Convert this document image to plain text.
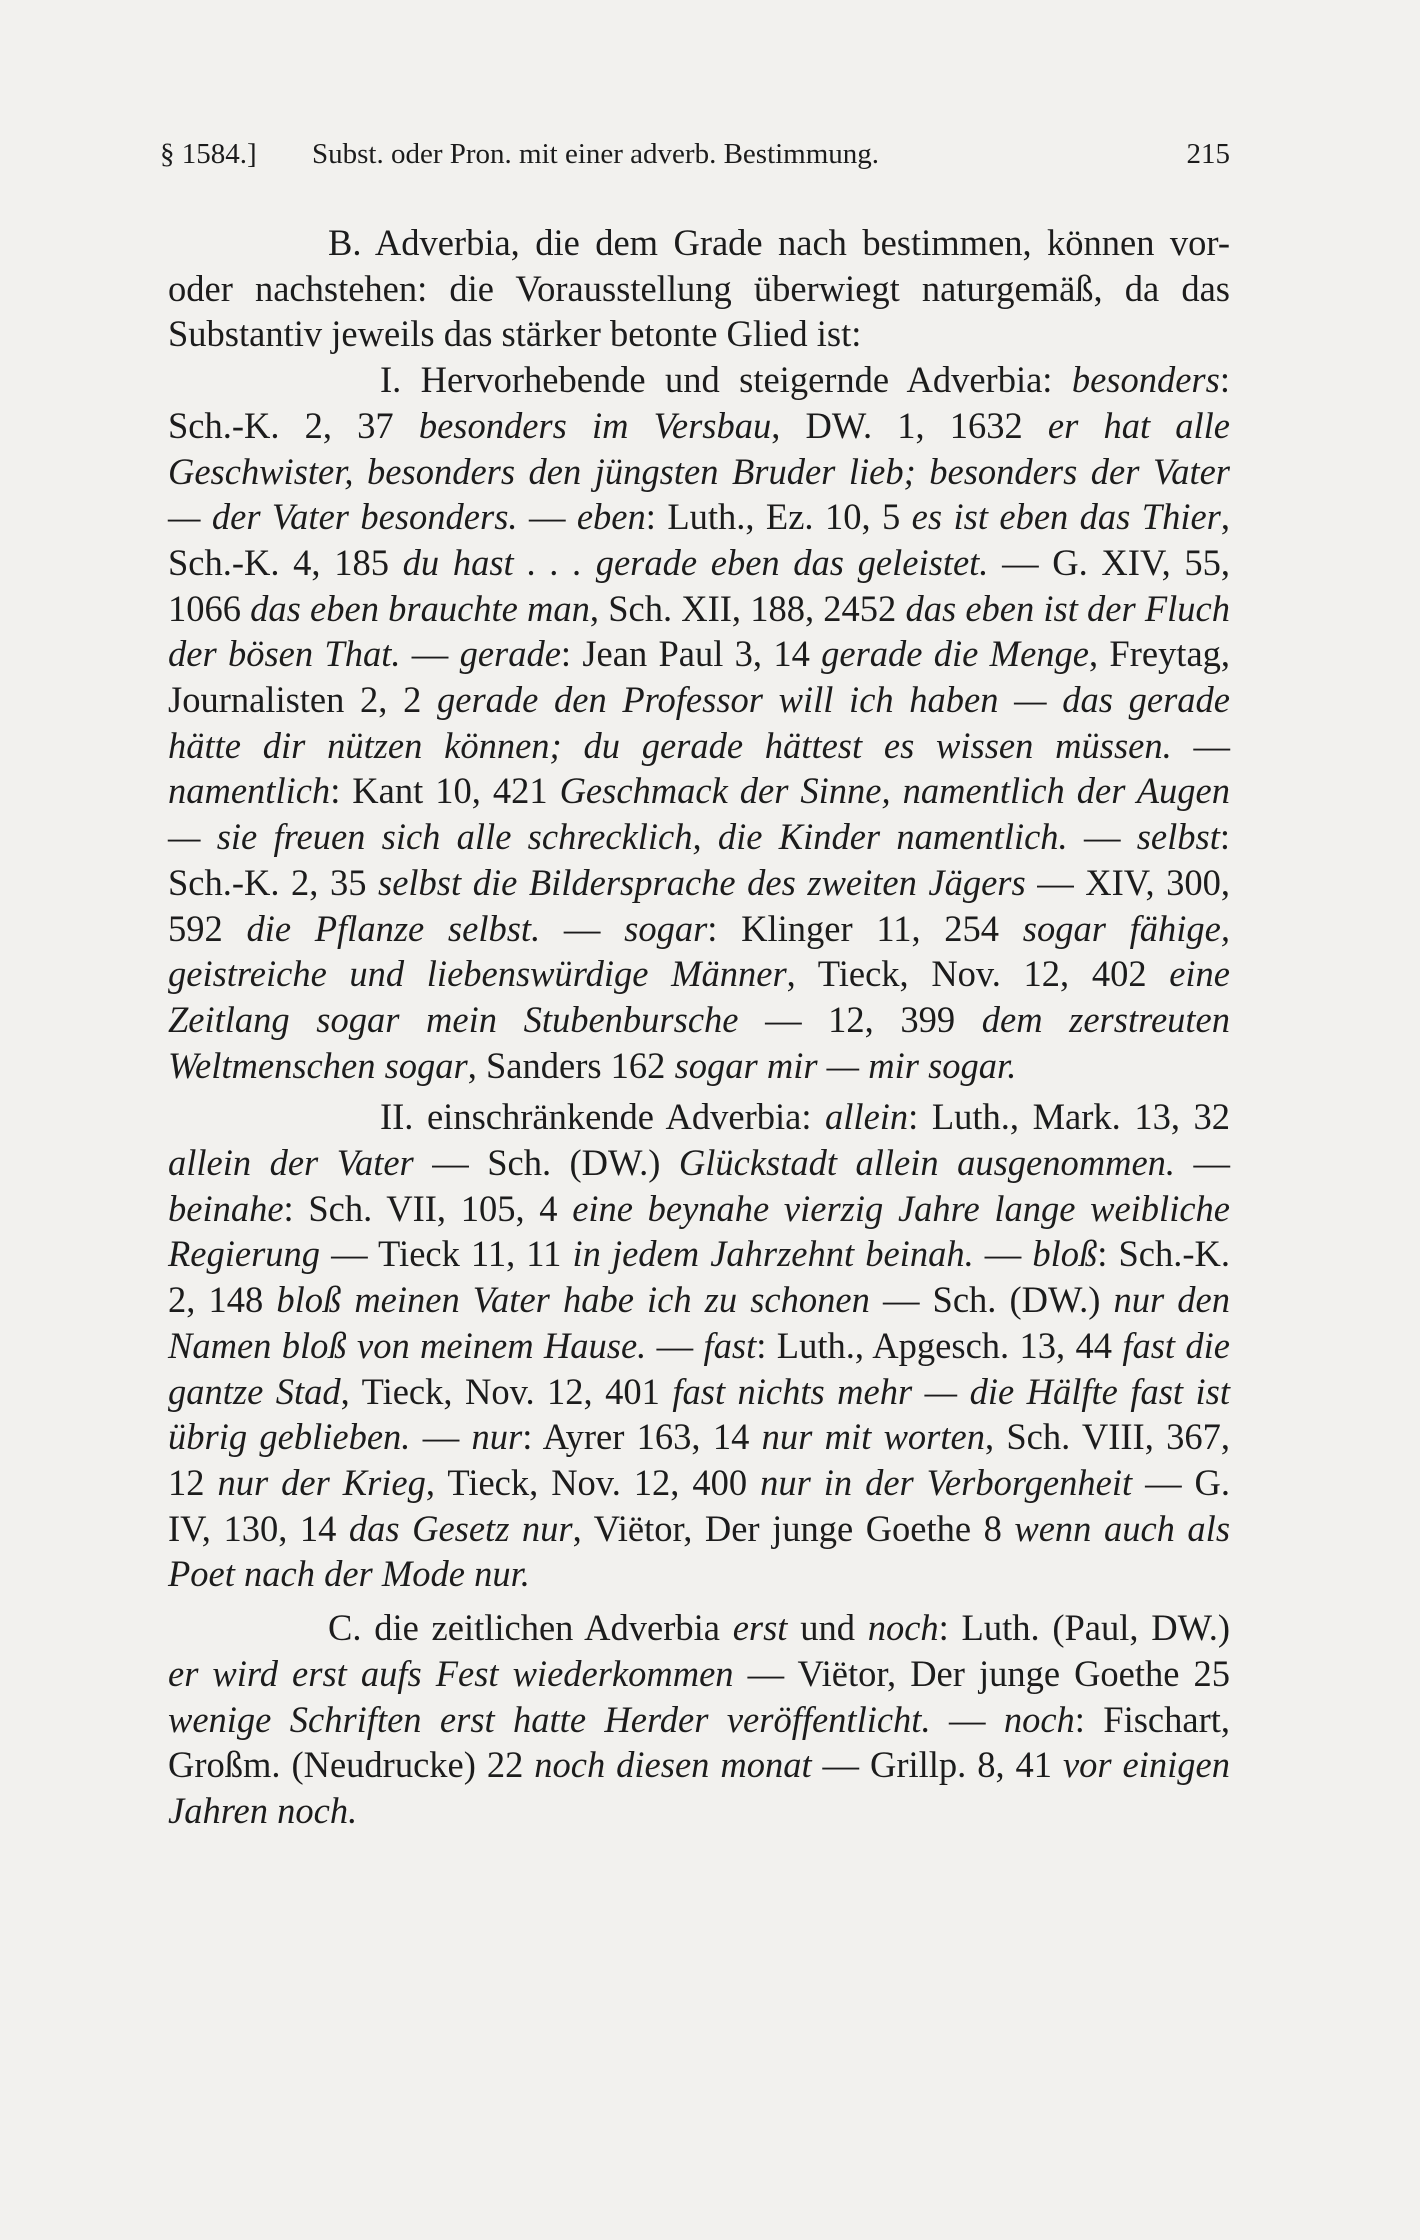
§ 1584.]	Subst. oder Pron. mit einer adverb. Bestimmung.	215

B. Adverbia, die dem Grade nach bestimmen, können vor- oder nachstehen: die Vorausstellung überwiegt naturgemäß, da das Substantiv jeweils das stärker betonte Glied ist:

I. Hervorhebende und steigernde Adverbia: besonders: Sch.-K. 2, 37 besonders im Versbau, DW. 1, 1632 er hat alle Geschwister, besonders den jüngsten Bruder lieb; besonders der Vater — der Vater besonders. — eben: Luth., Ez. 10, 5 es ist eben das Thier, Sch.-K. 4, 185 du hast . . . gerade eben das geleistet. — G. XIV, 55, 1066 das eben brauchte man, Sch. XII, 188, 2452 das eben ist der Fluch der bösen That. — gerade: Jean Paul 3, 14 gerade die Menge, Freytag, Journalisten 2, 2 gerade den Professor will ich haben — das gerade hätte dir nützen können; du gerade hättest es wissen müssen. — namentlich: Kant 10, 421 Geschmack der Sinne, namentlich der Augen — sie freuen sich alle schrecklich, die Kinder namentlich. — selbst: Sch.-K. 2, 35 selbst die Bildersprache des zweiten Jägers — XIV, 300, 592 die Pflanze selbst. — sogar: Klinger 11, 254 sogar fähige, geistreiche und liebenswürdige Männer, Tieck, Nov. 12, 402 eine Zeitlang sogar mein Stubenbursche — 12, 399 dem zerstreuten Weltmenschen sogar, Sanders 162 sogar mir — mir sogar.

II. einschränkende Adverbia: allein: Luth., Mark. 13, 32 allein der Vater — Sch. (DW.) Glückstadt allein ausgenommen. — beinahe: Sch. VII, 105, 4 eine beynahe vierzig Jahre lange weibliche Regierung — Tieck 11, 11 in jedem Jahrzehnt beinah. — bloß: Sch.-K. 2, 148 bloß meinen Vater habe ich zu schonen — Sch. (DW.) nur den Namen bloß von meinem Hause. — fast: Luth., Apgesch. 13, 44 fast die gantze Stad, Tieck, Nov. 12, 401 fast nichts mehr — die Hälfte fast ist übrig geblieben. — nur: Ayrer 163, 14 nur mit worten, Sch. VIII, 367, 12 nur der Krieg, Tieck, Nov. 12, 400 nur in der Verborgenheit — G. IV, 130, 14 das Gesetz nur, Viëtor, Der junge Goethe 8 wenn auch als Poet nach der Mode nur.

C. die zeitlichen Adverbia erst und noch: Luth. (Paul, DW.) er wird erst aufs Fest wiederkommen — Viëtor, Der junge Goethe 25 wenige Schriften erst hatte Herder veröffentlicht. — noch: Fischart, Großm. (Neudrucke) 22 noch diesen monat — Grillp. 8, 41 vor einigen Jahren noch.
